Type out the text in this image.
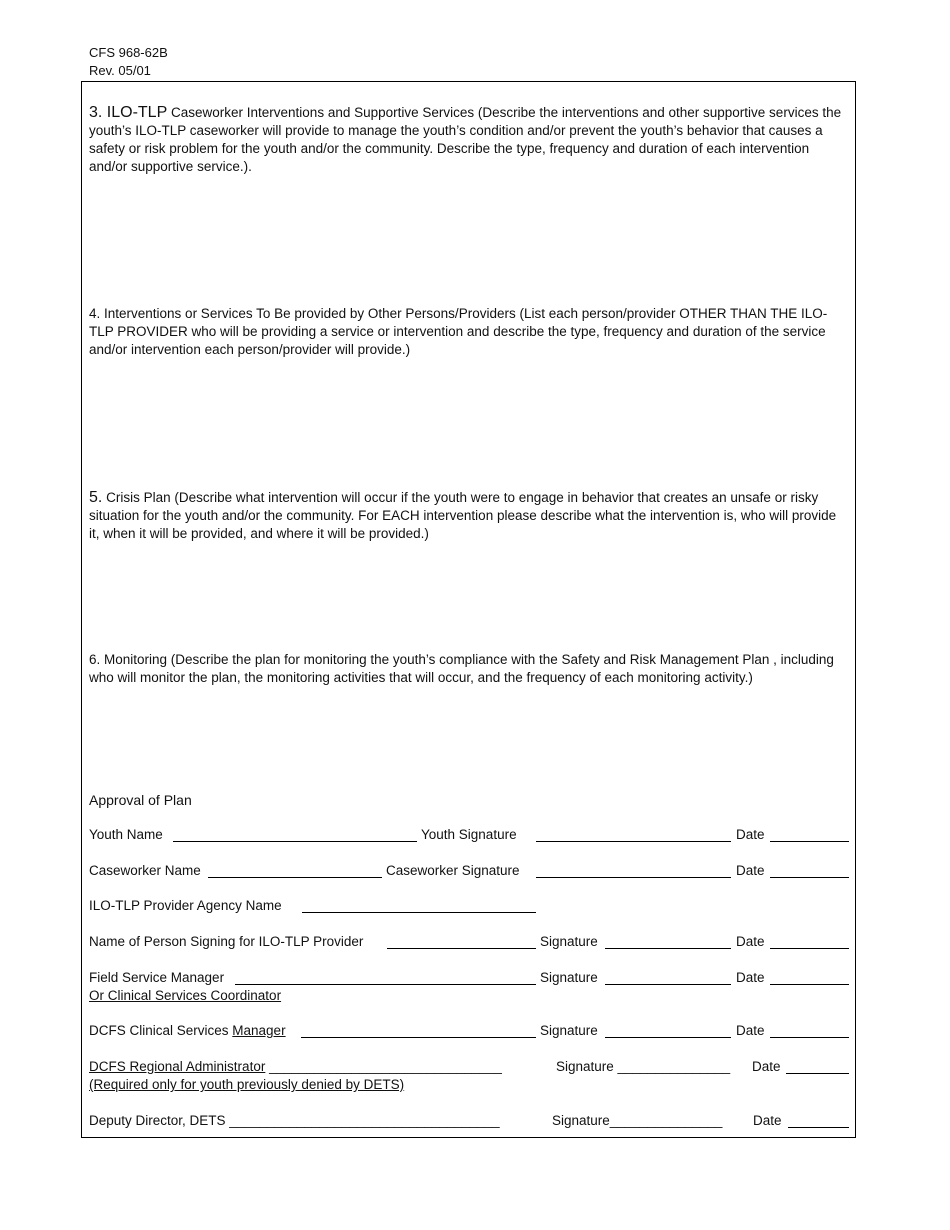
CFS 968-62B
Rev. 05/01
3. ILO-TLP Caseworker Interventions and Supportive Services (Describe the interventions and other supportive services the youth’s ILO-TLP caseworker will provide to manage the youth’s condition and/or prevent the youth’s behavior that causes a safety or risk problem for the youth and/or the community. Describe the type, frequency and duration of each intervention and/or supportive service.).
4. Interventions or Services To Be provided by Other Persons/Providers (List each person/provider OTHER THAN THE ILO-TLP PROVIDER who will be providing a service or intervention and describe the type, frequency and duration of the service and/or intervention each person/provider will provide.)
5. Crisis Plan (Describe what intervention will occur if the youth were to engage in behavior that creates an unsafe or risky situation for the youth and/or the community. For EACH intervention please describe what the intervention is, who will provide it, when it will be provided, and where it will be provided.)
6. Monitoring (Describe the plan for monitoring the youth’s compliance with the Safety and Risk Management Plan , including who will monitor the plan, the monitoring activities that will occur, and the frequency of each monitoring activity.)
Approval of Plan
Youth Name	Youth Signature	Date
Caseworker Name	Caseworker Signature	Date
ILO-TLP Provider Agency Name
Name of Person Signing for ILO-TLP Provider	Signature	Date
Field Service Manager	Signature	Date
Or Clinical Services Coordinator
DCFS Clinical Services Manager	Signature	Date
DCFS Regional Administrator _______________________________	Signature _______________ Date
(Required only for youth previously denied by DETS)
Deputy Director, DETS ____________________________________	Signature_______________ Date
